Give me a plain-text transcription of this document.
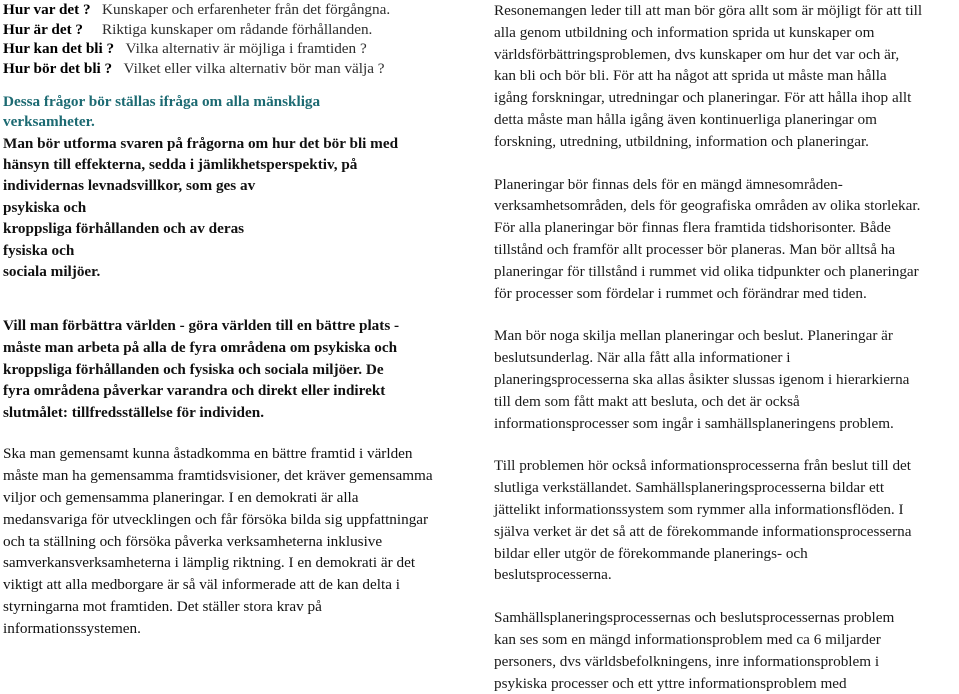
Hur var det ? Kunskaper och erfarenheter från det förgångna.
Hur är det ? Riktiga kunskaper om rådande förhållanden.
Hur kan det bli ? Vilka alternativ är möjliga i framtiden ?
Hur bör det bli ? Vilket eller vilka alternativ bör man välja ?
Dessa frågor bör ställas ifråga om alla mänskliga
verksamheter.
Man bör utforma svaren på frågorna om hur det bör bli med
hänsyn till effekterna, sedda i jämlikhetsperspektiv, på
individernas levnadsvillkor, som ges av
psykiska och
kroppsliga förhållanden och av deras
fysiska och
sociala miljöer.
Vill man förbättra världen - göra världen till en bättre plats -
måste man arbeta på alla de fyra områdena om psykiska och
kroppsliga förhållanden och fysiska och sociala miljöer. De
fyra områdena påverkar varandra och direkt eller indirekt
slutmålet: tillfredsställelse för individen.

Ska man gemensamt kunna åstadkomma en bättre framtid i världen

måste man ha gemensamma framtidsvisioner, det kräver gemensamma

viljor och gemensamma planeringar. I en demokrati är alla

medansvariga för utvecklingen och får försöka bilda sig uppfattningar

och ta ställning och försöka påverka verksamheterna inklusive

samverkansverksamheterna i lämplig riktning. I en demokrati är det

viktigt att alla medborgare är så väl informerade att de kan delta i

styrningarna mot framtiden. Det ställer stora krav på

informationssystemen.

Resonemangen leder till att man bör göra allt som är möjligt för att till

alla genom utbildning och information sprida ut kunskaper om

världsförbättringsproblemen, dvs kunskaper om hur det var och är,

kan bli och bör bli. För att ha något att sprida ut måste man hålla

igång forskningar, utredningar och planeringar. För att hålla ihop allt

detta måste man hålla igång även kontinuerliga planeringar om

forskning, utredning, utbildning, information och planeringar.

Planeringar bör finnas dels för en mängd ämnesområden-

verksamhetsområden, dels för geografiska områden av olika storlekar.

För alla planeringar bör finnas flera framtida tidshorisonter. Både

tillstånd och framför allt processer bör planeras. Man bör alltså ha

planeringar för tillstånd i rummet vid olika tidpunkter och planeringar

för processer som fördelar i rummet och förändrar med tiden.

Man bör noga skilja mellan planeringar och beslut. Planeringar är

beslutsunderlag. När alla fått alla informationer i

planeringsprocesserna ska allas åsikter slussas igenom i hierarkierna

till dem som fått makt att besluta, och det är också

informationsprocesser som ingår i samhällsplaneringens problem.

Till problemen hör också informationsprocesserna från beslut till det

slutliga verkställandet. Samhällsplaneringsprocesserna bildar ett

jättelikt informationssystem som rymmer alla informationsflöden. I

själva verket är det så att de förekommande informationsprocesserna

bildar eller utgör de förekommande planerings- och

beslutsprocesserna.

Samhällsplaneringsprocessernas och beslutsprocessernas problem

kan ses som en mängd informationsproblem med ca 6 miljarder

personers, dvs världsbefolkningens, inre informationsproblem i

psykiska processer och ett yttre informationsproblem med
